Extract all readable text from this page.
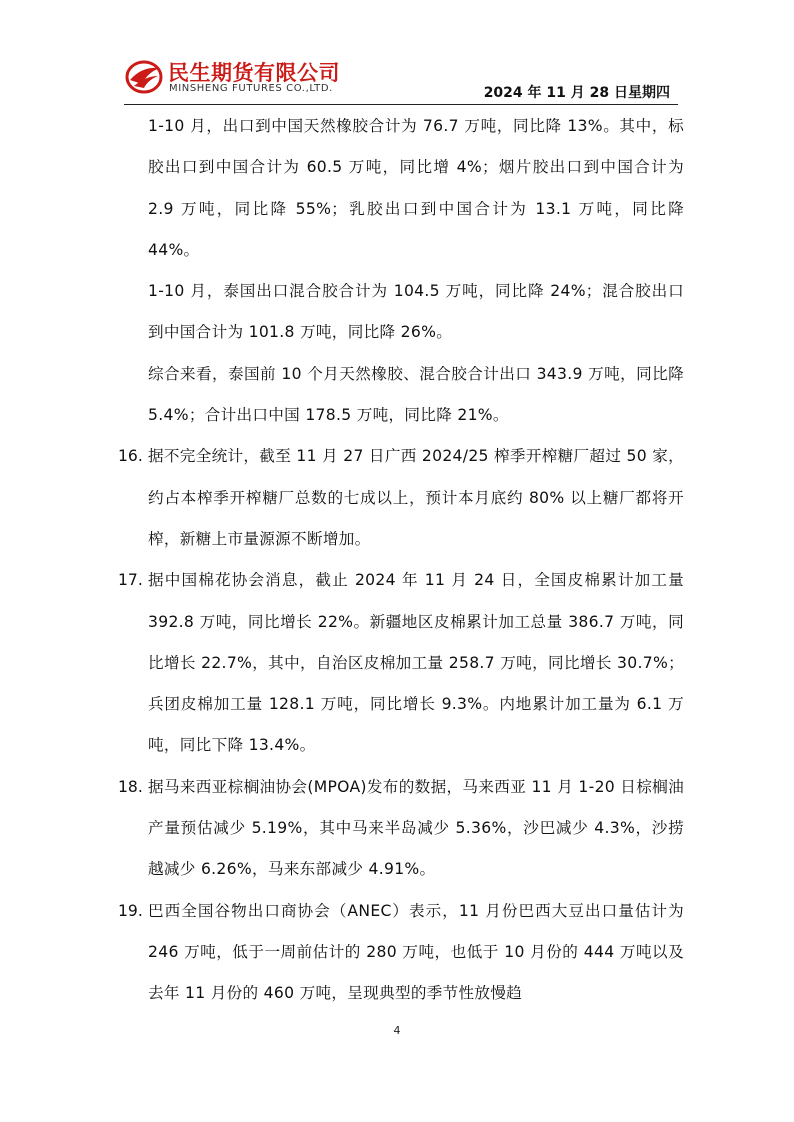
民生期货有限公司
MINSHENG FUTURES CO.,LTD.	2024 年 11 月 28 日星期四

1-10 月，出口到中国天然橡胶合计为 76.7 万吨，同比降 13%。其中，标胶出口到中国合计为 60.5 万吨，同比增 4%；烟片胶出口到中国合计为 2.9 万吨，同比降 55%；乳胶出口到中国合计为 13.1 万吨，同比降 44%。

1-10 月，泰国出口混合胶合计为 104.5 万吨，同比降 24%；混合胶出口到中国合计为 101.8 万吨，同比降 26%。

综合来看，泰国前 10 个月天然橡胶、混合胶合计出口 343.9 万吨，同比降 5.4%；合计出口中国 178.5 万吨，同比降 21%。

16. 据不完全统计，截至 11 月 27 日广西 2024/25 榨季开榨糖厂超过 50 家，约占本榨季开榨糖厂总数的七成以上，预计本月底约 80% 以上糖厂都将开榨，新糖上市量源源不断增加。

17. 据中国棉花协会消息，截止 2024 年 11 月 24 日，全国皮棉累计加工量 392.8 万吨，同比增长 22%。新疆地区皮棉累计加工总量 386.7 万吨，同比增长 22.7%，其中，自治区皮棉加工量 258.7 万吨，同比增长 30.7%；兵团皮棉加工量 128.1 万吨，同比增长 9.3%。内地累计加工量为 6.1 万吨，同比下降 13.4%。

18. 据马来西亚棕榈油协会(MPOA)发布的数据，马来西亚 11 月 1-20 日棕榈油产量预估减少 5.19%，其中马来半岛减少 5.36%，沙巴减少 4.3%，沙捞越减少 6.26%，马来东部减少 4.91%。

19. 巴西全国谷物出口商协会（ANEC）表示，11 月份巴西大豆出口量估计为 246 万吨，低于一周前估计的 280 万吨，也低于 10 月份的 444 万吨以及去年 11 月份的 460 万吨，呈现典型的季节性放慢趋

4
